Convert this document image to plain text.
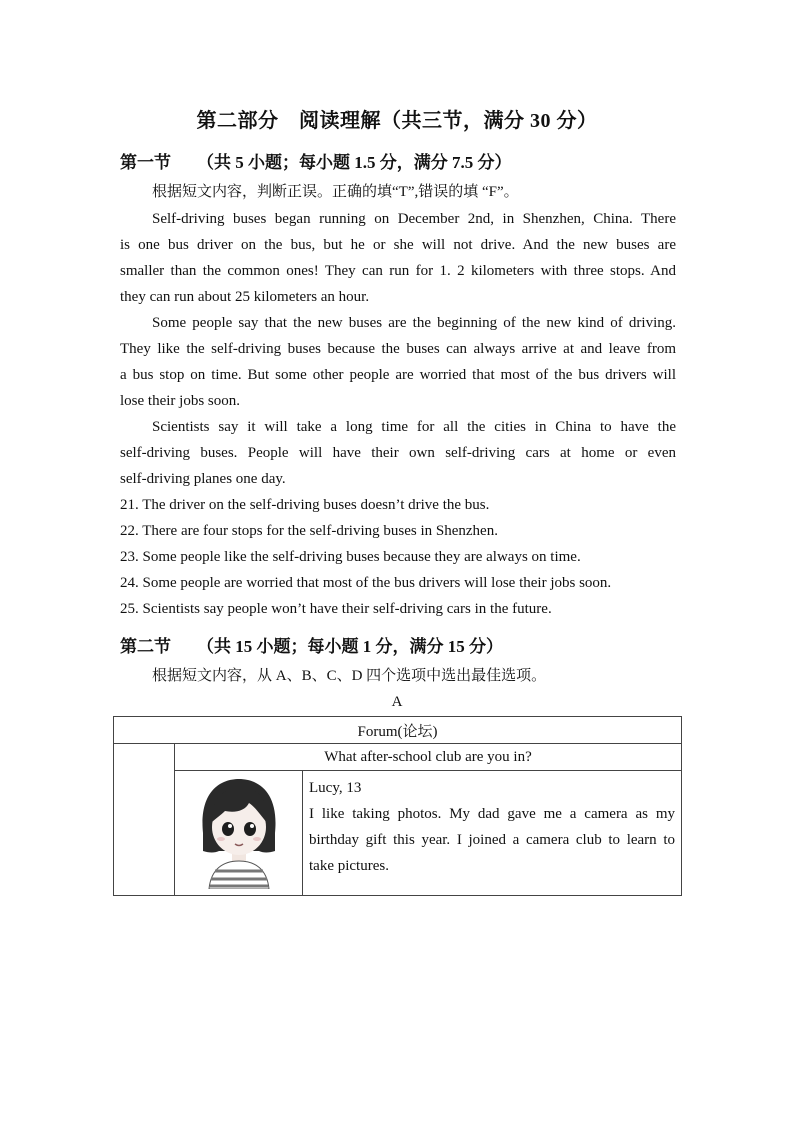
第二部分　阅读理解（共三节，满分 30 分）
第一节 （共 5 小题；每小题 1.5 分，满分 7.5 分）
根据短文内容，判断正误。正确的填“T”,错误的填 “F”。
Self-driving buses began running on December 2nd, in Shenzhen, China. There
is one bus driver on the bus, but he or she will not drive. And the new buses are
smaller than the common ones! They can run for 1. 2 kilometers with three stops. And
they can run about 25 kilometers an hour.
Some people say that the new buses are the beginning of the new kind of driving.
They like the self-driving buses because the buses can always arrive at and leave from
a bus stop on time. But some other people are worried that most of the bus drivers will
lose their jobs soon.
Scientists say it will take a long time for all the cities in China to have the
self-driving buses. People will have their own self-driving cars at home or even
self-driving planes one day.
21. The driver on the self-driving buses doesn’t drive the bus.
22. There are four stops for the self-driving buses in Shenzhen.
23. Some people like the self-driving buses because they are always on time.
24. Some people are worried that most of the bus drivers will lose their jobs soon.
25. Scientists say people won’t have their self-driving cars in the future.
第二节 （共 15 小题；每小题 1 分，满分 15 分）
根据短文内容，从 A、B、C、D 四个选项中选出最佳选项。
A
Forum(论坛)		
	What after-school club are you in?	

Lucy, 13
I like taking photos. My dad gave me a camera as my
birthday gift this year. I joined a camera club to learn to
take pictures.
